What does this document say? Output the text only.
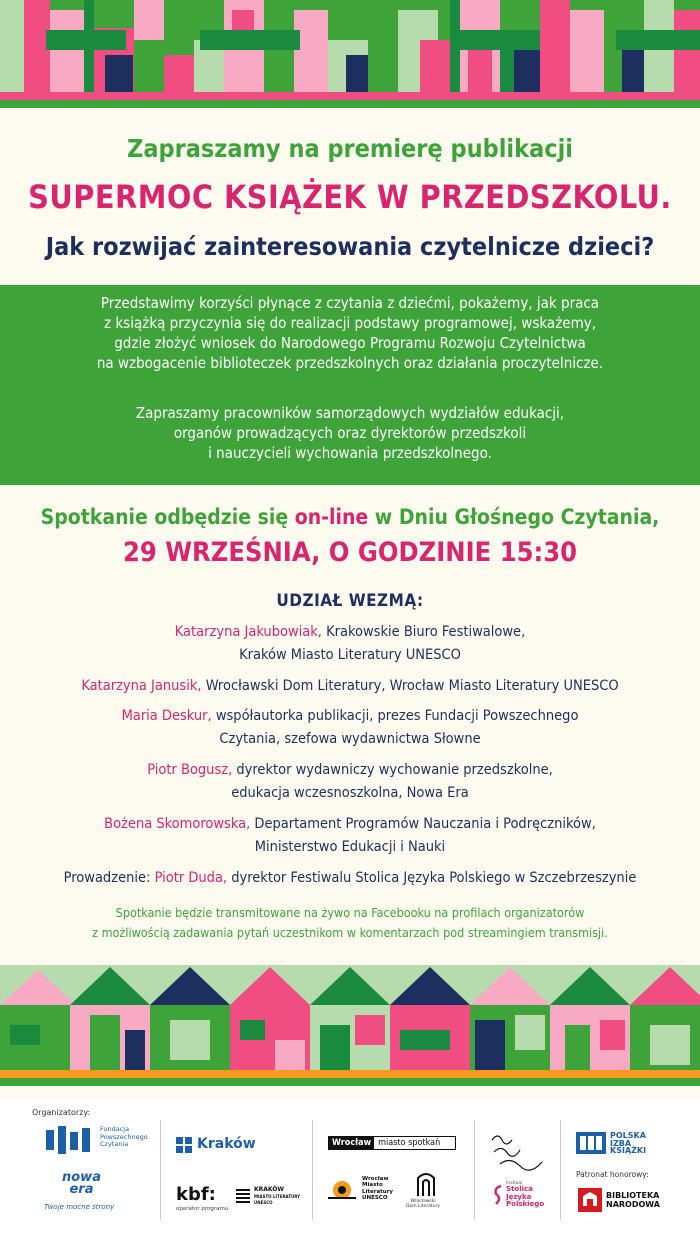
Zapraszamy na premierę publikacji
SUPERMOC KSIĄŻEK W PRZEDSZKOLU.
Jak rozwijać zainteresowania czytelnicze dzieci?
Przedstawimy korzyści płynące z czytania z dziećmi, pokażemy, jak praca
z książką przyczynia się do realizacji podstawy programowej, wskażemy,
gdzie złożyć wniosek do Narodowego Programu Rozwoju Czytelnictwa
na wzbogacenie biblioteczek przedszkolnych oraz działania proczytelnicze.
Zapraszamy pracowników samorządowych wydziałów edukacji,
organów prowadzących oraz dyrektorów przedszkoli
i nauczycieli wychowania przedszkolnego.
Spotkanie odbędzie się on-line w Dniu Głośnego Czytania,
29 WRZEŚNIA, O GODZINIE 15:30
UDZIAŁ WEZMĄ:
Katarzyna Jakubowiak, Krakowskie Biuro Festiwalowe,
Kraków Miasto Literatury UNESCO
Katarzyna Janusik, Wrocławski Dom Literatury, Wrocław Miasto Literatury UNESCO
Maria Deskur, współautorka publikacji, prezes Fundacji Powszechnego
Czytania, szefowa wydawnictwa Słowne
Piotr Bogusz, dyrektor wydawniczy wychowanie przedszkolne,
edukacja wczesnoszkolna, Nowa Era
Bożena Skomorowska, Departament Programów Nauczania i Podręczników,
Ministerstwo Edukacji i Nauki
Prowadzenie: Piotr Duda, dyrektor Festiwalu Stolica Języka Polskiego w Szczebrzeszynie
Spotkanie będzie transmitowane na żywo na Facebooku na profilach organizatorów
z możliwością zadawania pytań uczestnikom w komentarzach pod streamingiem transmisji.
Organizatorzy:
Fundacja
Powszechnego
Czytania
nowa
era
Twoje mocne strony
Kraków
kbf:
operator programu
KRAKÓW
MIASTO LITERATURY
UNESCO
Wrocław miasto spotkań
Wrocław
Miasto
Literatury
UNESCO
Wrocławski
Dom Literatury
Festiwal
Stolica
Języka
Polskiego
POLSKA
IZBA
KSIĄŻKI
Patronat honorowy:
BIBLIOTEKA
NARODOWA
